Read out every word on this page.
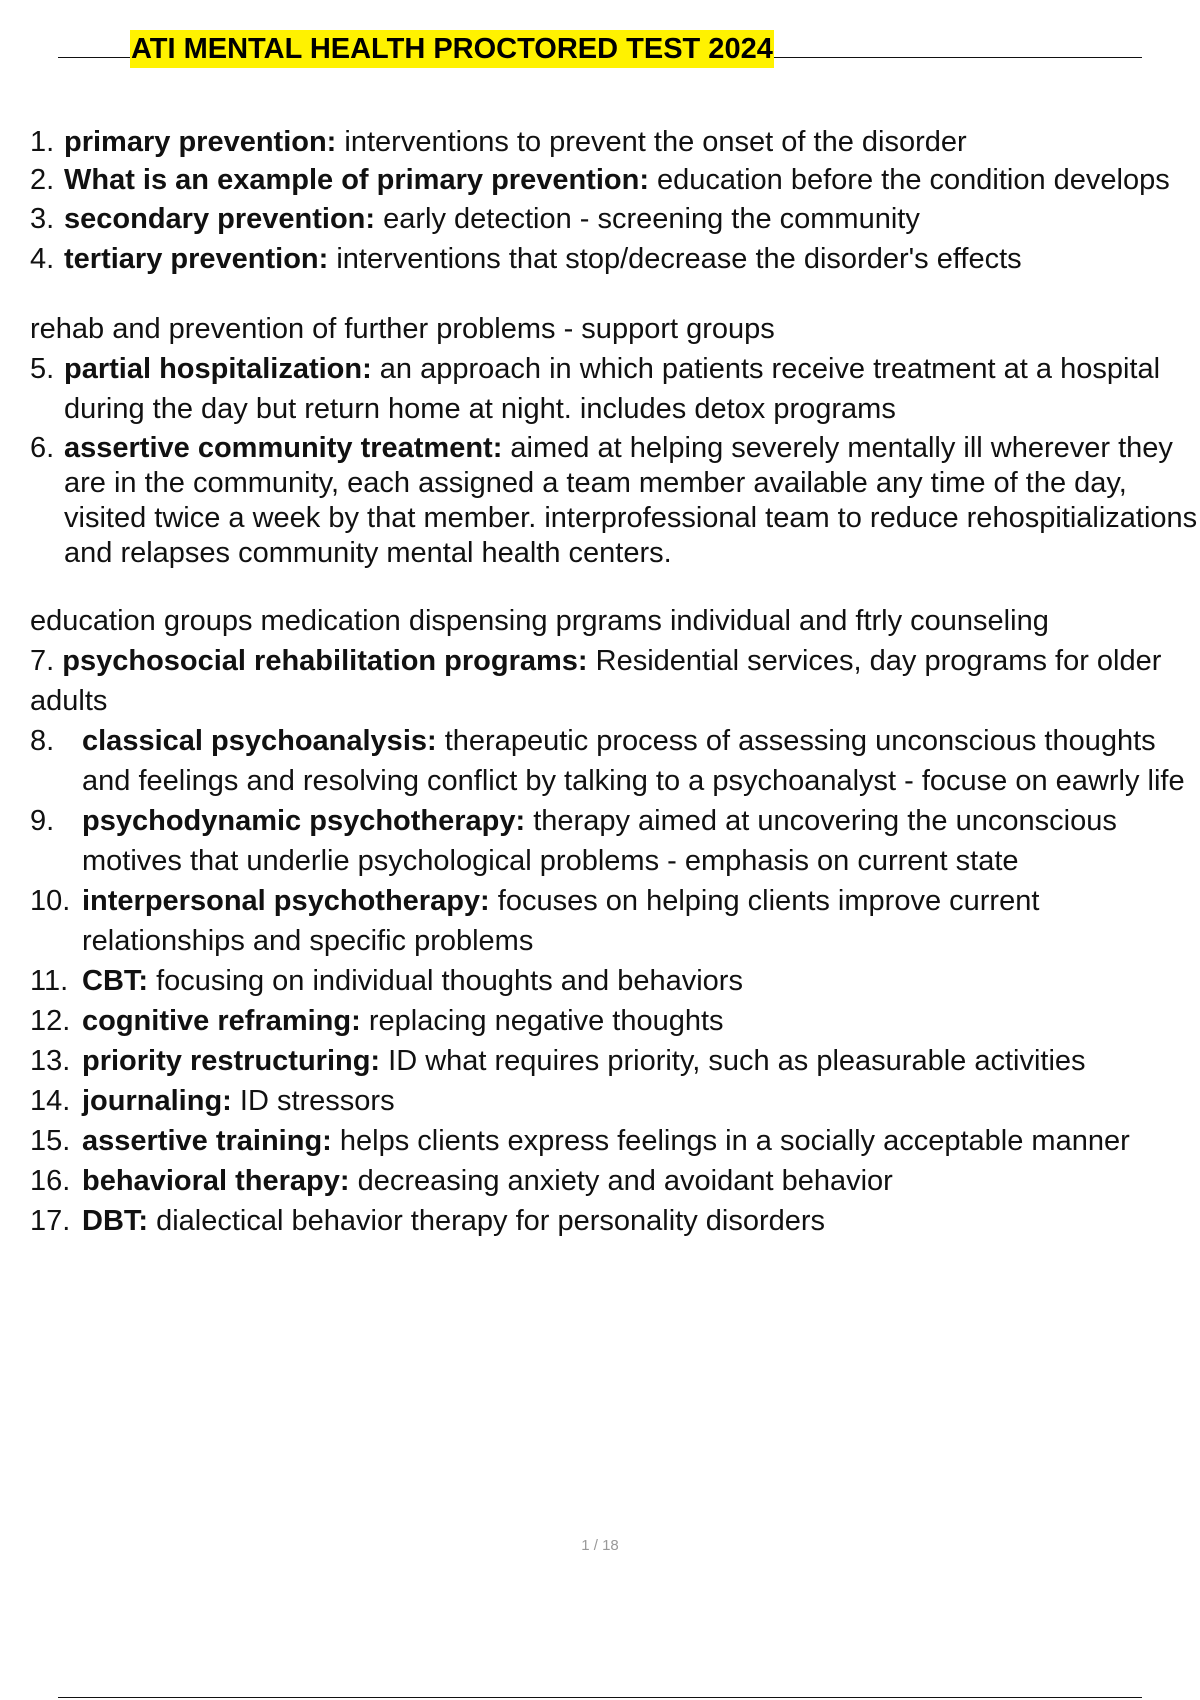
ATI MENTAL HEALTH PROCTORED TEST 2024
1. primary prevention: interventions to prevent the onset of the disorder
2. What is an example of primary prevention: education before the condition develops
3. secondary prevention: early detection - screening the community
4. tertiary prevention: interventions that stop/decrease the disorder's effects
rehab and prevention of further problems - support groups
5. partial hospitalization: an approach in which patients receive treatment at a hospital during the day but return home at night. includes detox programs
6. assertive community treatment: aimed at helping severely mentally ill wherever they are in the community, each assigned a team member available any time of the day, visited twice a week by that member. interprofessional team to reduce rehospitializations and relapses community mental health centers.
education groups medication dispensing prgrams individual and ftrly counseling
7. psychosocial rehabilitation programs: Residential services, day programs for older adults
8. classical psychoanalysis: therapeutic process of assessing unconscious thoughts and feelings and resolving conflict by talking to a psychoanalyst - focuse on eawrly life
9. psychodynamic psychotherapy: therapy aimed at uncovering the unconscious motives that underlie psychological problems - emphasis on current state
10. interpersonal psychotherapy: focuses on helping clients improve current relationships and specific problems
11. CBT: focusing on individual thoughts and behaviors
12. cognitive reframing: replacing negative thoughts
13. priority restructuring: ID what requires priority, such as pleasurable activities
14. journaling: ID stressors
15. assertive training: helps clients express feelings in a socially acceptable manner
16. behavioral therapy: decreasing anxiety and avoidant behavior
17. DBT: dialectical behavior therapy for personality disorders
1 / 18
